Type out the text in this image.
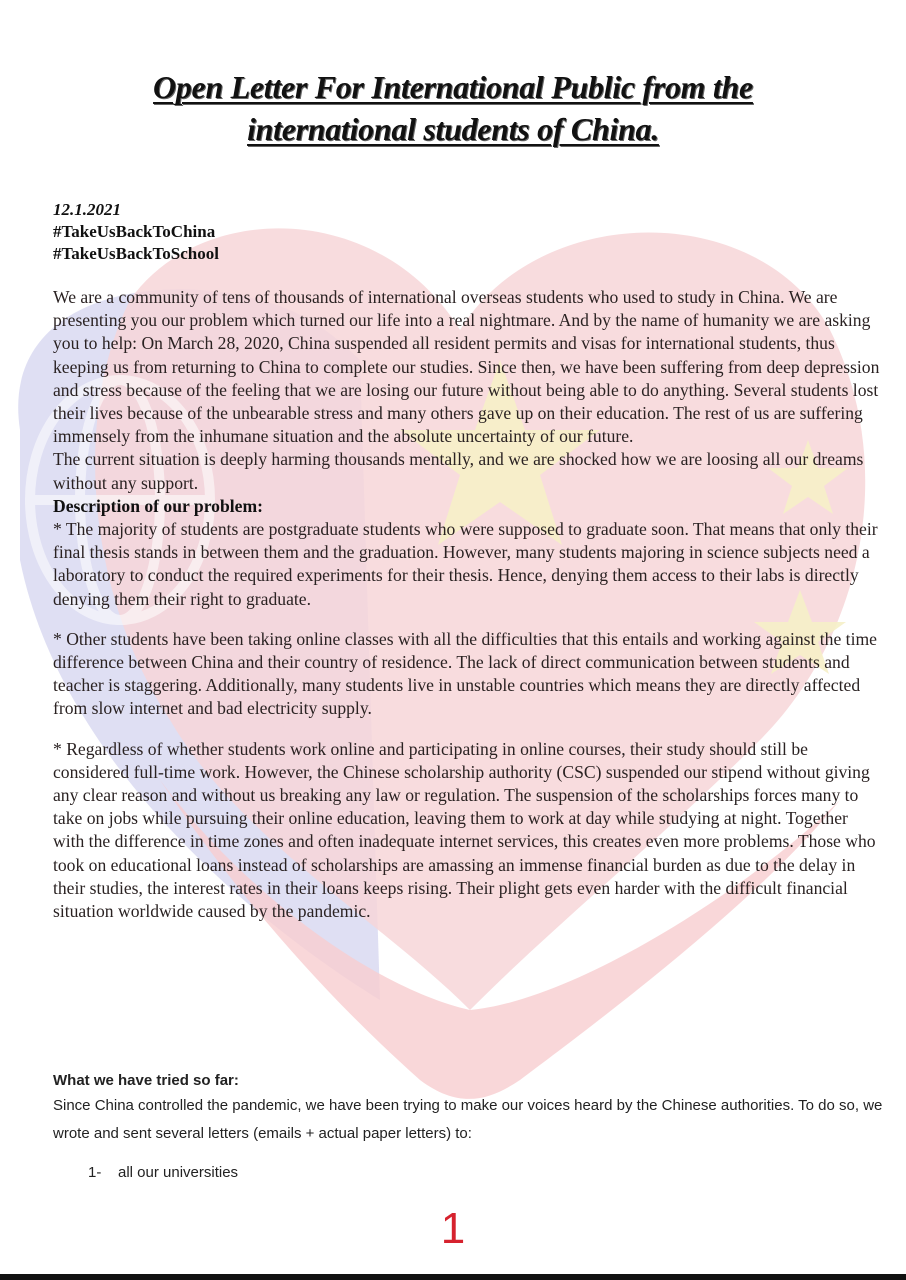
Open Letter For International Public from the
international students of China.
12.1.2021
#TakeUsBackToChina
#TakeUsBackToSchool

We are a community of tens of thousands of international overseas students who used to study in China. We are presenting you our problem which turned our life into a real nightmare. And by the name of humanity we are asking you to help: On March 28, 2020, China suspended all resident permits and visas for international students, thus keeping us from returning to China to complete our studies. Since then, we have been suffering from deep depression and stress because of the feeling that we are losing our future without being able to do anything. Several students lost their lives because of the unbearable stress and many others gave up on their education. The rest of us are suffering immensely from the inhumane situation and the absolute uncertainty of our future.

The current situation is deeply harming thousands mentally, and we are shocked how we are loosing all our dreams without any support.

Description of our problem:

* The majority of students are postgraduate students who were supposed to graduate soon. That means that only their final thesis stands in between them and the graduation. However, many students majoring in science subjects need a laboratory to conduct the required experiments for their thesis. Hence, denying them access to their labs is directly denying them their right to graduate.

* Other students have been taking online classes with all the difficulties that this entails and working against the time difference between China and their country of residence. The lack of direct communication between students and teacher is staggering. Additionally, many students live in unstable countries which means they are directly affected from slow internet and bad electricity supply.

* Regardless of whether students work online and participating in online courses, their study should still be considered full-time work. However, the Chinese scholarship authority (CSC) suspended our stipend without giving any clear reason and without us breaking any law or regulation. The suspension of the scholarships forces many to take on jobs while pursuing their online education, leaving them to work at day while studying at night. Together with the difference in time zones and often inadequate internet services, this creates even more problems. Those who took on educational loans instead of scholarships are amassing an immense financial burden as due to the delay in their studies, the interest rates in their loans keeps rising. Their plight gets even harder with the difficult financial situation worldwide caused by the pandemic.

What we have tried so far:
Since China controlled the pandemic, we have been trying to make our voices heard by the Chinese authorities. To do so, we wrote and sent several letters (emails + actual paper letters) to:
1- all our universities
1
